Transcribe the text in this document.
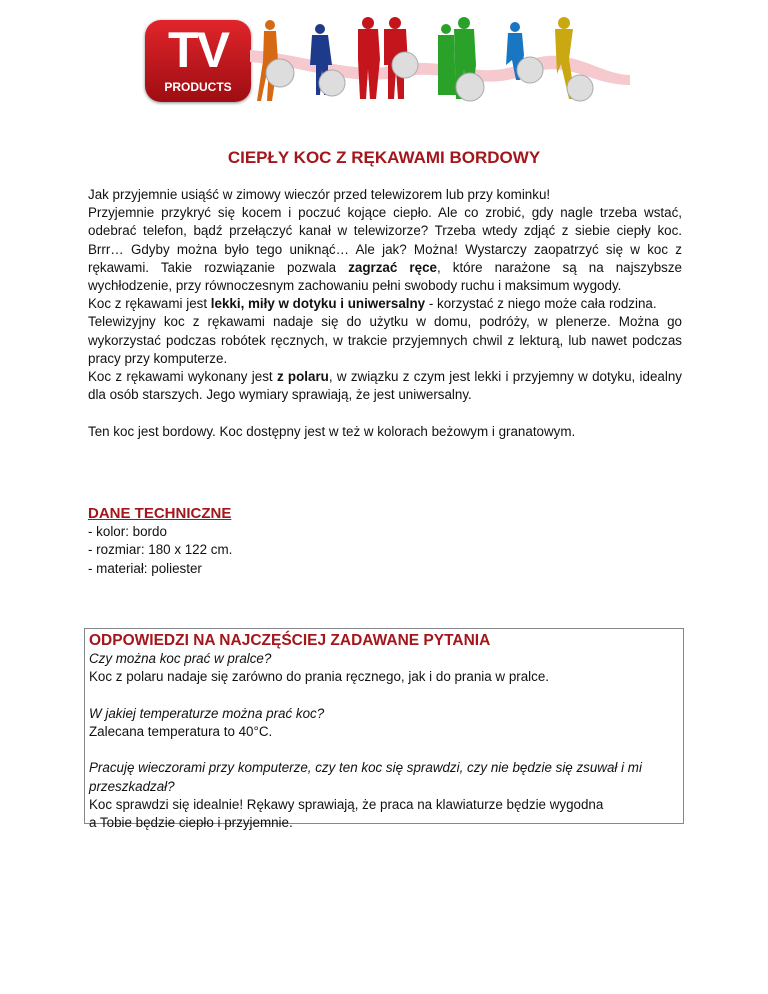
TV
PRODUCTS
CIEPŁY KOC Z RĘKAWAMI BORDOWY

Jak przyjemnie usiąść w zimowy wieczór przed telewizorem lub przy kominku!

Przyjemnie przykryć się kocem i poczuć kojące ciepło. Ale co zrobić, gdy nagle trzeba wstać, odebrać telefon, bądź przełączyć kanał w telewizorze? Trzeba wtedy zdjąć z siebie ciepły koc. Brrr… Gdyby można było tego uniknąć… Ale jak? Można! Wystarczy zaopatrzyć się w koc z rękawami. Takie rozwiązanie pozwala zagrzać ręce, które narażone są na najszybsze wychłodzenie, przy równoczesnym zachowaniu pełni swobody ruchu i maksimum wygody.

Koc z rękawami jest lekki, miły w dotyku i uniwersalny - korzystać z niego może cała rodzina.

Telewizyjny koc z rękawami nadaje się do użytku w domu, podróży, w plenerze. Można go wykorzystać podczas robótek ręcznych, w trakcie przyjemnych chwil z lekturą, lub nawet podczas pracy przy komputerze.

Koc z rękawami wykonany jest z polaru, w związku z czym jest lekki i przyjemny w dotyku, idealny dla osób starszych. Jego wymiary sprawiają, że jest uniwersalny.

Ten koc jest bordowy. Koc dostępny jest w też w kolorach beżowym i granatowym.

DANE TECHNICZNE
- kolor: bordo
- rozmiar: 180 x 122 cm.
- materiał: poliester
ODPOWIEDZI NA NAJCZĘŚCIEJ ZADAWANE PYTANIA
Czy można koc prać w pralce?
Koc z polaru nadaje się zarówno do prania ręcznego, jak i do prania w pralce.
W jakiej temperaturze można prać koc?
Zalecana temperatura to 40°C.
Pracuję wieczorami przy komputerze, czy ten koc się sprawdzi, czy nie będzie się zsuwał i mi przeszkadzał?
Koc sprawdzi się idealnie! Rękawy sprawiają, że praca na klawiaturze będzie wygodna
a Tobie będzie ciepło i przyjemnie.
